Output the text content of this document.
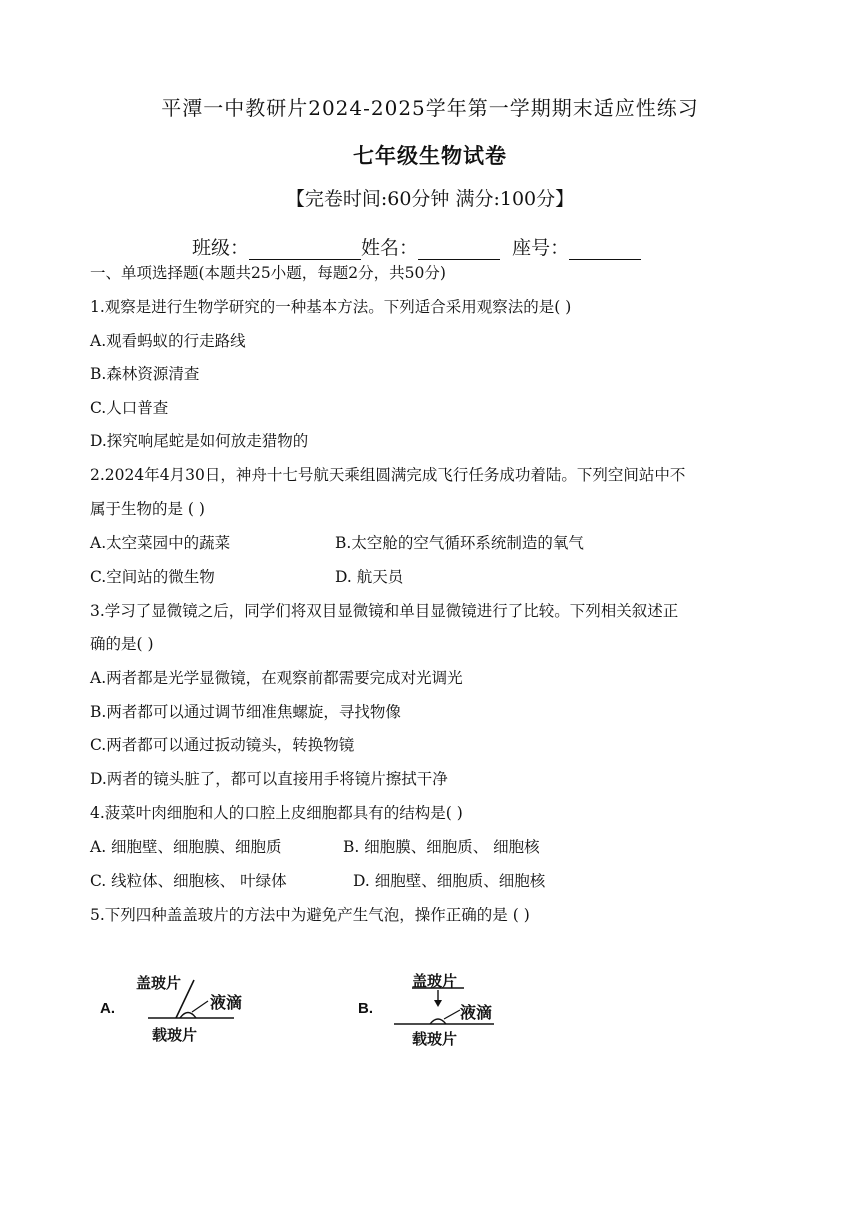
平潭一中教研片2024-2025学年第一学期期末适应性练习
七年级生物试卷
【完卷时间:60分钟 满分:100分】
班级：	姓名：	座号：
一、单项选择题(本题共25小题，每题2分，共50分)
1.观察是进行生物学研究的一种基本方法。下列适合采用观察法的是( )
A.观看蚂蚁的行走路线
B.森林资源清查
C.人口普查
D.探究响尾蛇是如何放走猎物的
2.2024年4月30日，神舟十七号航天乘组圆满完成飞行任务成功着陆。下列空间站中不
属于生物的是 ( )
A.太空菜园中的蔬菜	B.太空舱的空气循环系统制造的氧气
C.空间站的微生物	D. 航天员
3.学习了显微镜之后，同学们将双目显微镜和单目显微镜进行了比较。下列相关叙述正
确的是( )
A.两者都是光学显微镜，在观察前都需要完成对光调光
B.两者都可以通过调节细准焦螺旋，寻找物像
C.两者都可以通过扳动镜头，转换物镜
D.两者的镜头脏了，都可以直接用手将镜片擦拭干净
4.菠菜叶肉细胞和人的口腔上皮细胞都具有的结构是( )
A. 细胞壁、细胞膜、细胞质	B. 细胞膜、细胞质、 细胞核
C. 线粒体、细胞核、 叶绿体	D. 细胞壁、细胞质、细胞核
5.下列四种盖盖玻片的方法中为避免产生气泡，操作正确的是 ( )
A.
盖玻片
液滴
载玻片
B.
盖玻片
液滴
载玻片
